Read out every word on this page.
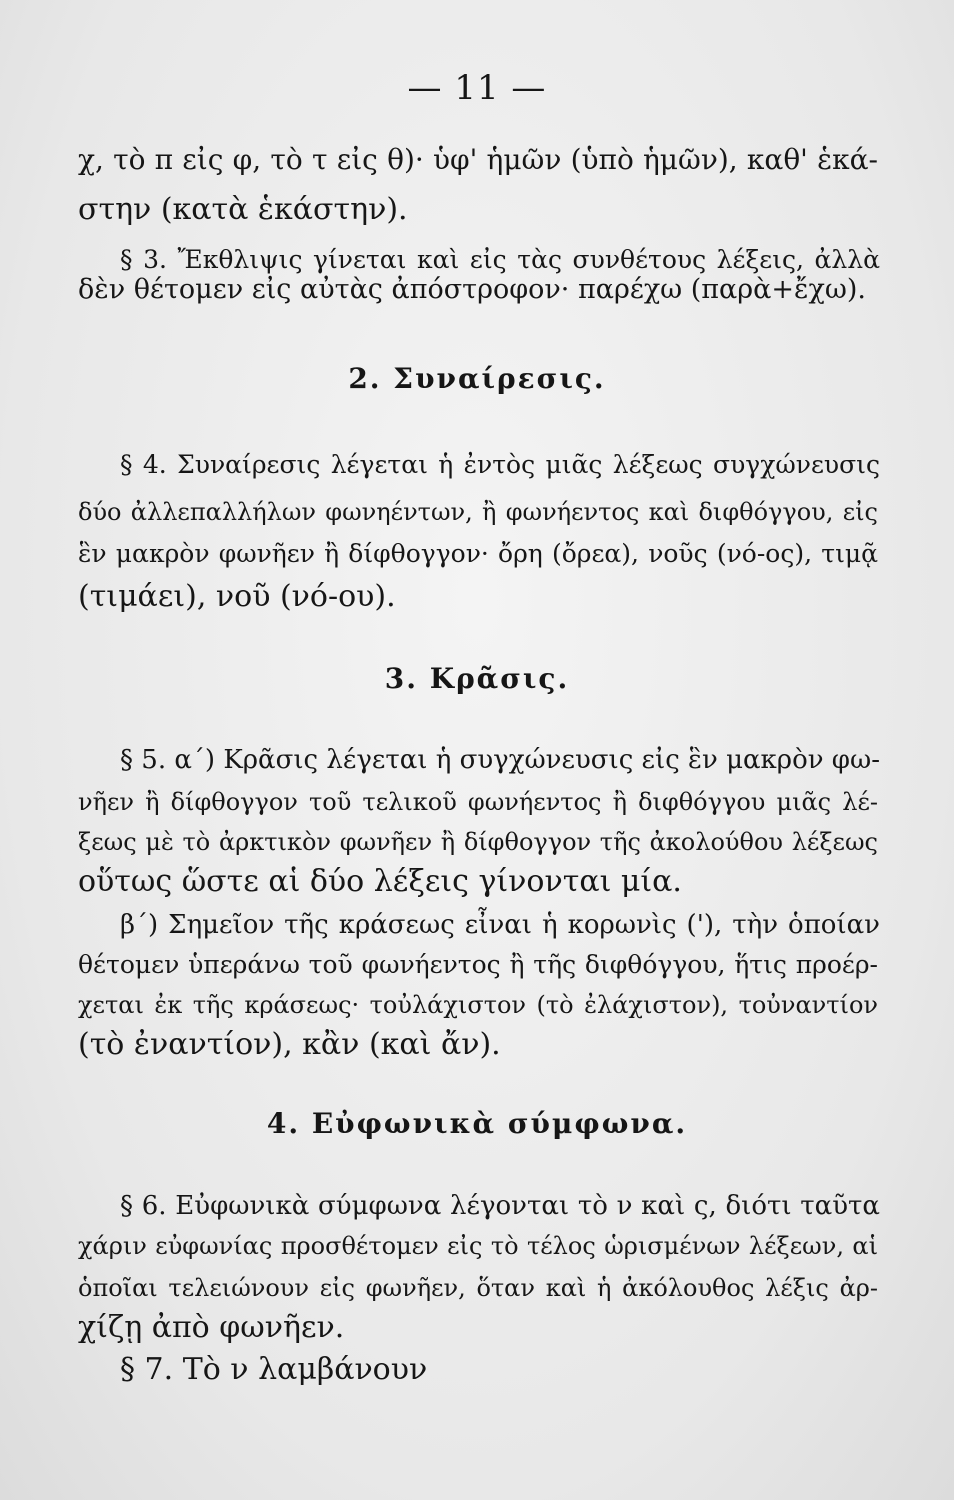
— 11 —
χ, τὸ π εἰς φ, τὸ τ εἰς θ)· ὑφ' ἡμῶν (ὑπὸ ἡμῶν), καθ' ἑκά-
στην (κατὰ ἑκάστην).
§ 3. Ἔκθλιψις γίνεται καὶ εἰς τὰς συνθέτους λέξεις, ἀλλὰ
δὲν θέτομεν εἰς αὐτὰς ἀπόστροφον· παρέχω (παρὰ+ἔχω).
2. Συναίρεσις.
§ 4. Συναίρεσις λέγεται ἡ ἐντὸς μιᾶς λέξεως συγχώνευσις
δύο ἀλλεπαλλήλων φωνηέντων, ἢ φωνήεντος καὶ διφθόγγου, εἰς
ἓν μακρὸν φωνῆεν ἢ δίφθογγον· ὄρη (ὄρεα), νοῦς (νό-ος), τιμᾷ
(τιμάει), νοῦ (νό-ου).
3. Κρᾶσις.
§ 5. α΄) Κρᾶσις λέγεται ἡ συγχώνευσις εἰς ἓν μακρὸν φω-
νῆεν ἢ δίφθογγον τοῦ τελικοῦ φωνήεντος ἢ διφθόγγου μιᾶς λέ-
ξεως μὲ τὸ ἀρκτικὸν φωνῆεν ἢ δίφθογγον τῆς ἀκολούθου λέξεως
οὕτως ὥστε αἱ δύο λέξεις γίνονται μία.
β΄) Σημεῖον τῆς κράσεως εἶναι ἡ κορωνὶς ('), τὴν ὁποίαν
θέτομεν ὑπεράνω τοῦ φωνήεντος ἢ τῆς διφθόγγου, ἥτις προέρ-
χεται ἐκ τῆς κράσεως· τοὐλάχιστον (τὸ ἐλάχιστον), τοὐναντίον
(τὸ ἐναντίον), κἂν (καὶ ἄν).
4. Εὐφωνικὰ σύμφωνα.
§ 6. Εὐφωνικὰ σύμφωνα λέγονται τὸ ν καὶ ς, διότι ταῦτα
χάριν εὐφωνίας προσθέτομεν εἰς τὸ τέλος ὡρισμένων λέξεων, αἱ
ὁποῖαι τελειώνουν εἰς φωνῆεν, ὅταν καὶ ἡ ἀκόλουθος λέξις ἀρ-
χίζῃ ἀπὸ φωνῆεν.
§ 7. Τὸ ν λαμβάνουν
